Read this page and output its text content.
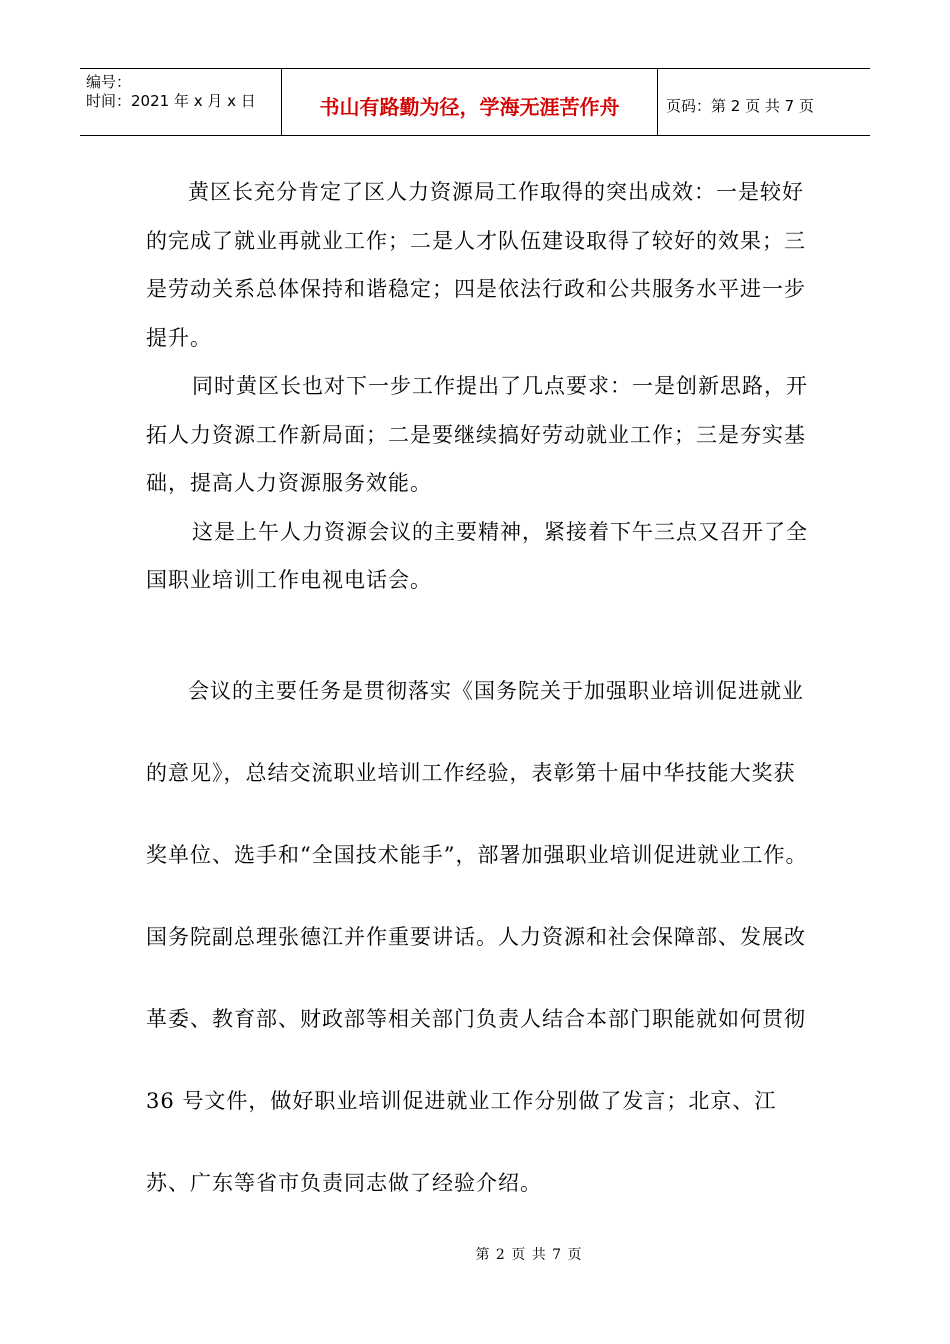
编号：
时间：2021 年 x 月 x 日	书山有路勤为径，学海无涯苦作舟	页码：第 2 页 共 7 页

黄区长充分肯定了区人力资源局工作取得的突出成效：一是较好的完成了就业再就业工作；二是人才队伍建设取得了较好的效果；三是劳动关系总体保持和谐稳定；四是依法行政和公共服务水平进一步提升。

同时黄区长也对下一步工作提出了几点要求：一是创新思路，开拓人力资源工作新局面；二是要继续搞好劳动就业工作；三是夯实基础，提高人力资源服务效能。

这是上午人力资源会议的主要精神，紧接着下午三点又召开了全国职业培训工作电视电话会。

会议的主要任务是贯彻落实《国务院关于加强职业培训促进就业的意见》，总结交流职业培训工作经验，表彰第十届中华技能大奖获奖单位、选手和“全国技术能手”，部署加强职业培训促进就业工作。国务院副总理张德江并作重要讲话。人力资源和社会保障部、发展改革委、教育部、财政部等相关部门负责人结合本部门职能就如何贯彻 36 号文件，做好职业培训促进就业工作分别做了发言；北京、江苏、广东等省市负责同志做了经验介绍。

第 2 页 共 7 页
